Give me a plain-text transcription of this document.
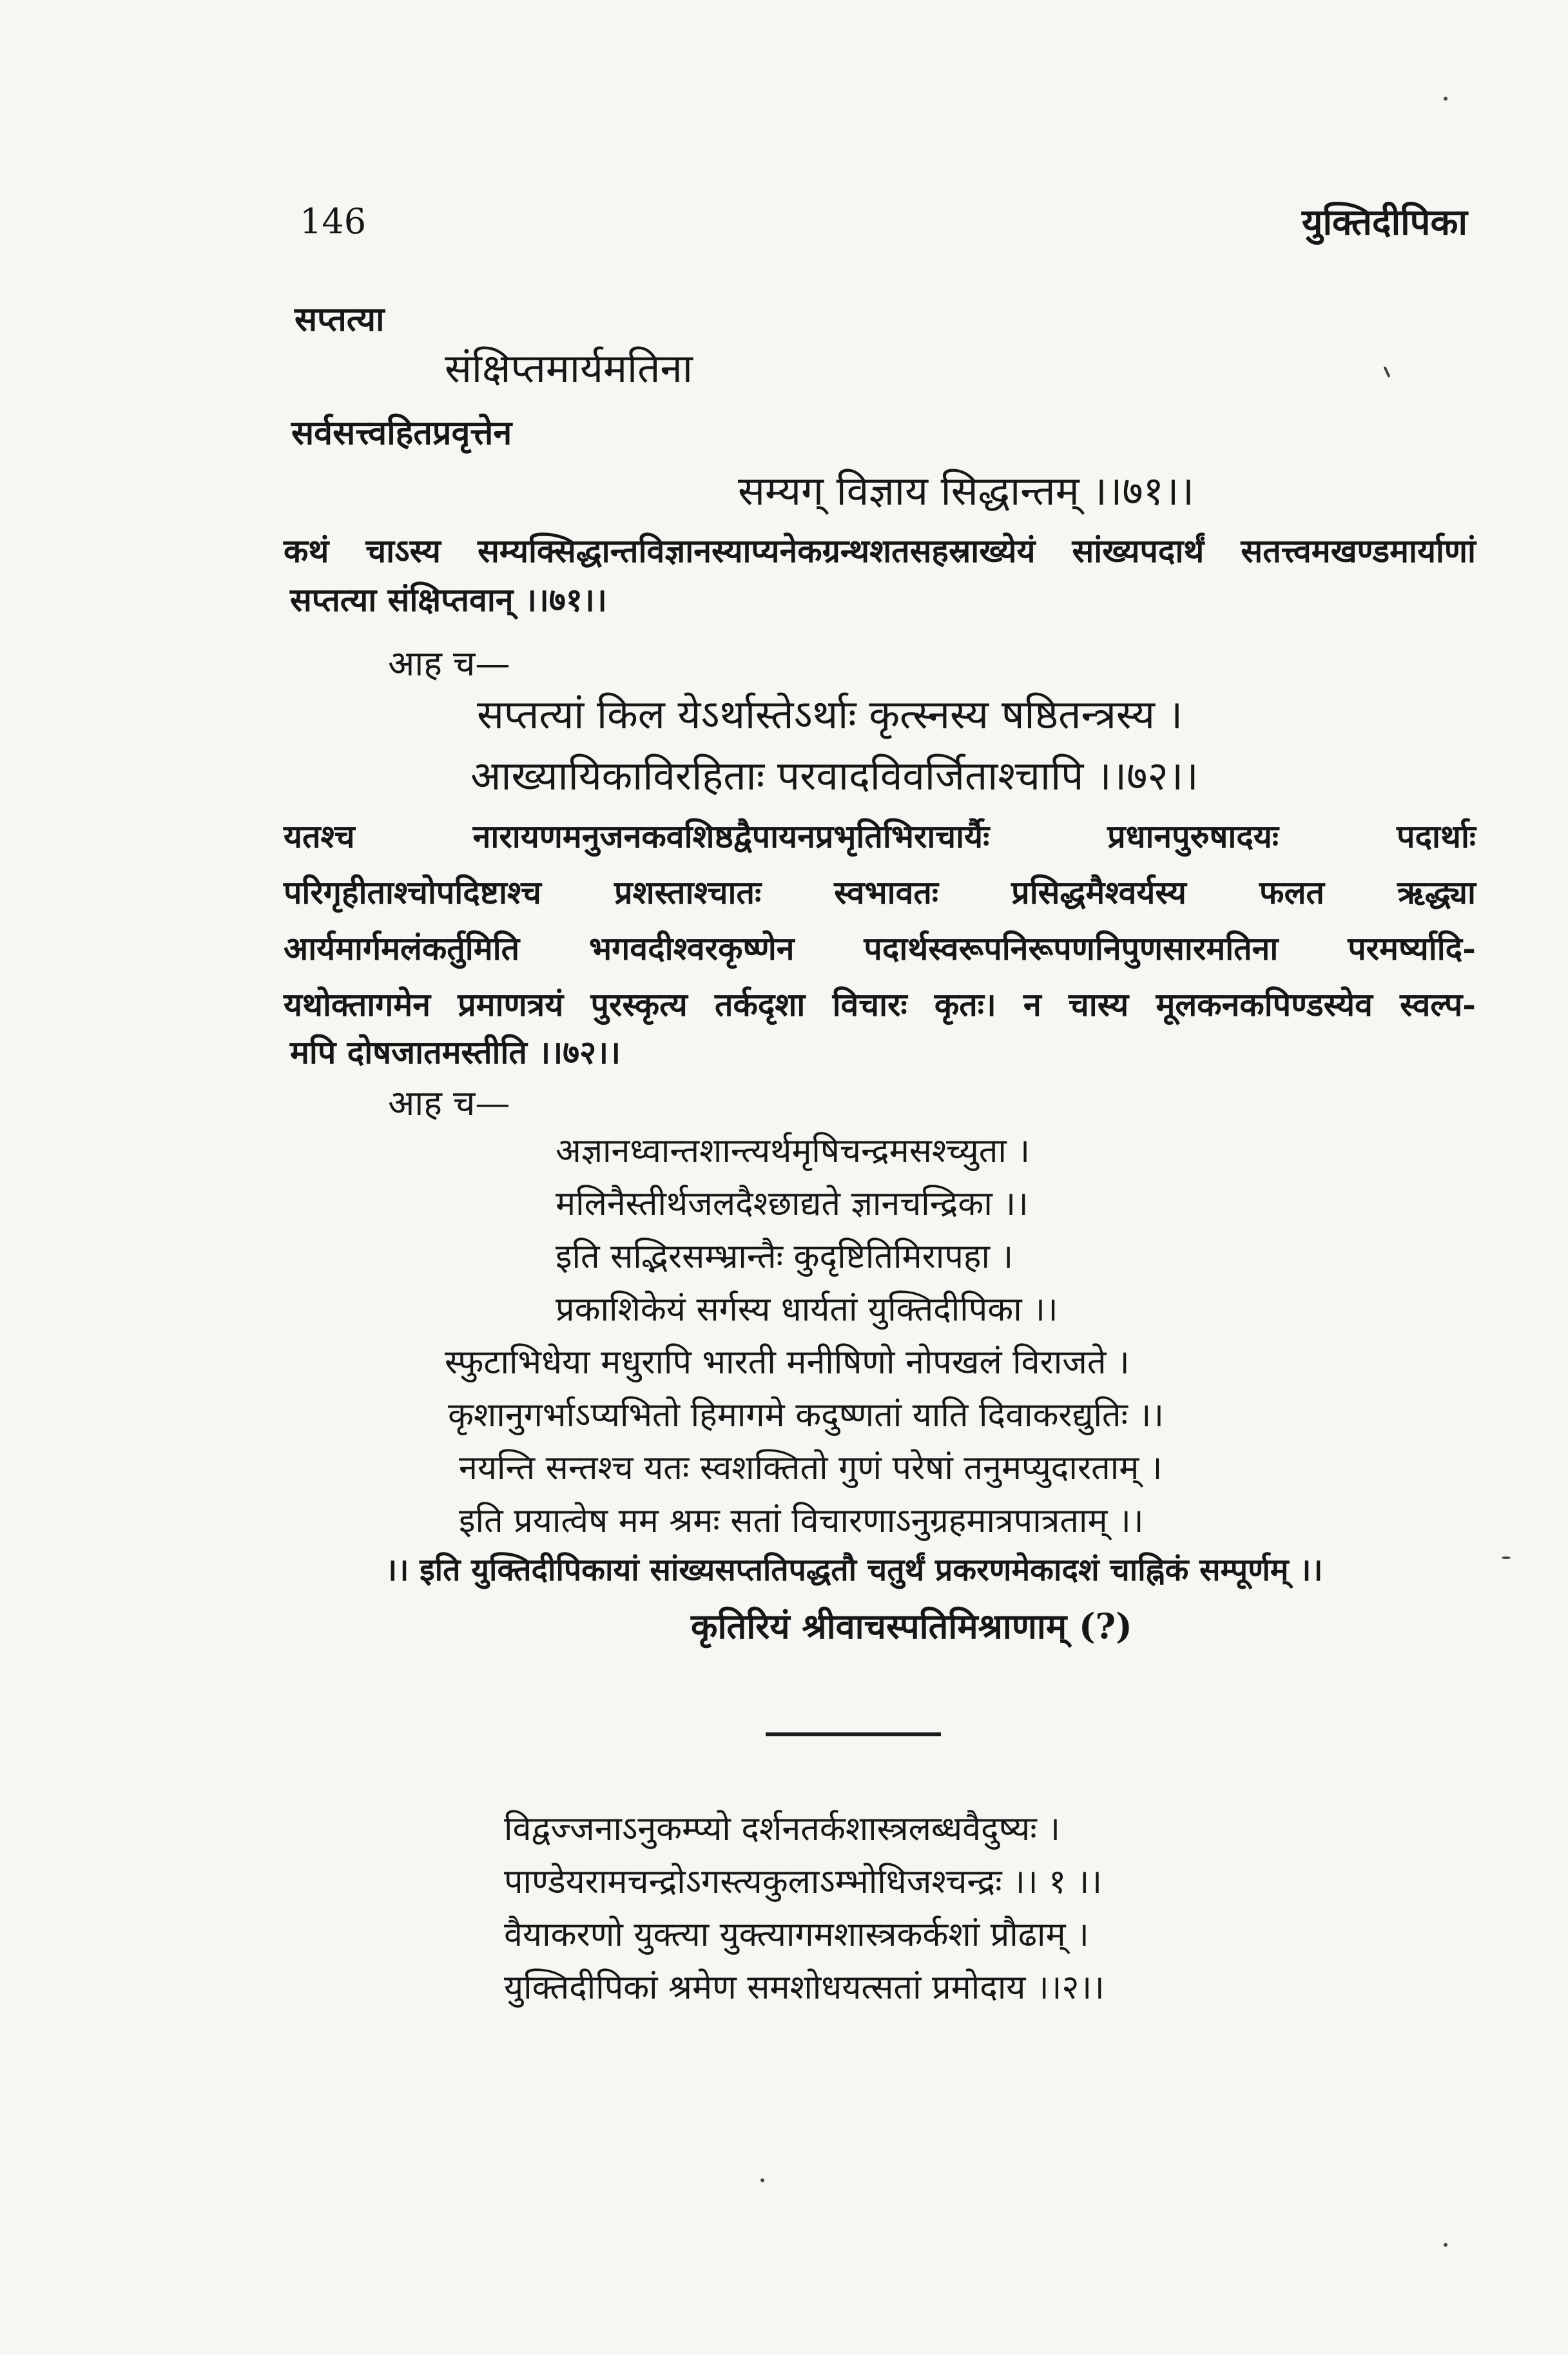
146	युक्तिदीपिका
सप्तत्या
संक्षिप्तमार्यमतिना
सर्वसत्त्वहितप्रवृत्तेन
सम्यग् विज्ञाय सिद्धान्तम् ।।७१।।
कथं चाऽस्य सम्यक्सिद्धान्तविज्ञानस्याप्यनेकग्रन्थशतसहस्राख्येयं सांख्यपदार्थं सतत्त्वमखण्डमार्याणां
सप्तत्या संक्षिप्तवान् ।।७१।।
आह च—
सप्तत्यां किल येऽर्थास्तेऽर्थाः कृत्स्नस्य षष्ठितन्त्रस्य ।
आख्यायिकाविरहिताः परवादविवर्जिताश्चापि ।।७२।।
यतश्च नारायणमनुजनकवशिष्ठद्वैपायनप्रभृतिभिराचार्यैः प्रधानपुरुषादयः पदार्थाः
परिगृहीताश्चोपदिष्टाश्च प्रशस्ताश्चातः स्वभावतः प्रसिद्धमैश्वर्यस्य फलत ऋद्ध्या
आर्यमार्गमलंकर्तुमिति भगवदीश्वरकृष्णेन पदार्थस्वरूपनिरूपणनिपुणसारमतिना परमर्ष्यादि-
यथोक्तागमेन प्रमाणत्रयं पुरस्कृत्य तर्कदृशा विचारः कृतः। न चास्य मूलकनकपिण्डस्येव स्वल्प-
मपि दोषजातमस्तीति ।।७२।।
आह च—
अज्ञानध्वान्तशान्त्यर्थमृषिचन्द्रमसश्च्युता ।
मलिनैस्तीर्थजलदैश्छाद्यते ज्ञानचन्द्रिका ।।
इति सद्भिरसम्भ्रान्तैः कुदृष्टितिमिरापहा ।
प्रकाशिकेयं सर्गस्य धार्यतां युक्तिदीपिका ।।
स्फुटाभिधेया मधुरापि भारती मनीषिणो नोपखलं विराजते ।
कृशानुगर्भाऽप्यभितो हिमागमे कदुष्णतां याति दिवाकरद्युतिः ।।
नयन्ति सन्तश्च यतः स्वशक्तितो गुणं परेषां तनुमप्युदारताम् ।
इति प्रयात्वेष मम श्रमः सतां विचारणाऽनुग्रहमात्रपात्रताम् ।।
।। इति युक्तिदीपिकायां सांख्यसप्ततिपद्धतौ चतुर्थं प्रकरणमेकादशं चाह्निकं सम्पूर्णम् ।।
कृतिरियं श्रीवाचस्पतिमिश्राणाम् (?)
विद्वज्जनाऽनुकम्प्यो दर्शनतर्कशास्त्रलब्धवैदुष्यः ।
पाण्डेयरामचन्द्रोऽगस्त्यकुलाऽम्भोधिजश्चन्द्रः ।। १ ।।
वैयाकरणो युक्त्या युक्त्यागमशास्त्रकर्कशां प्रौढाम् ।
युक्तिदीपिकां श्रमेण समशोधयत्सतां प्रमोदाय ।।२।।
